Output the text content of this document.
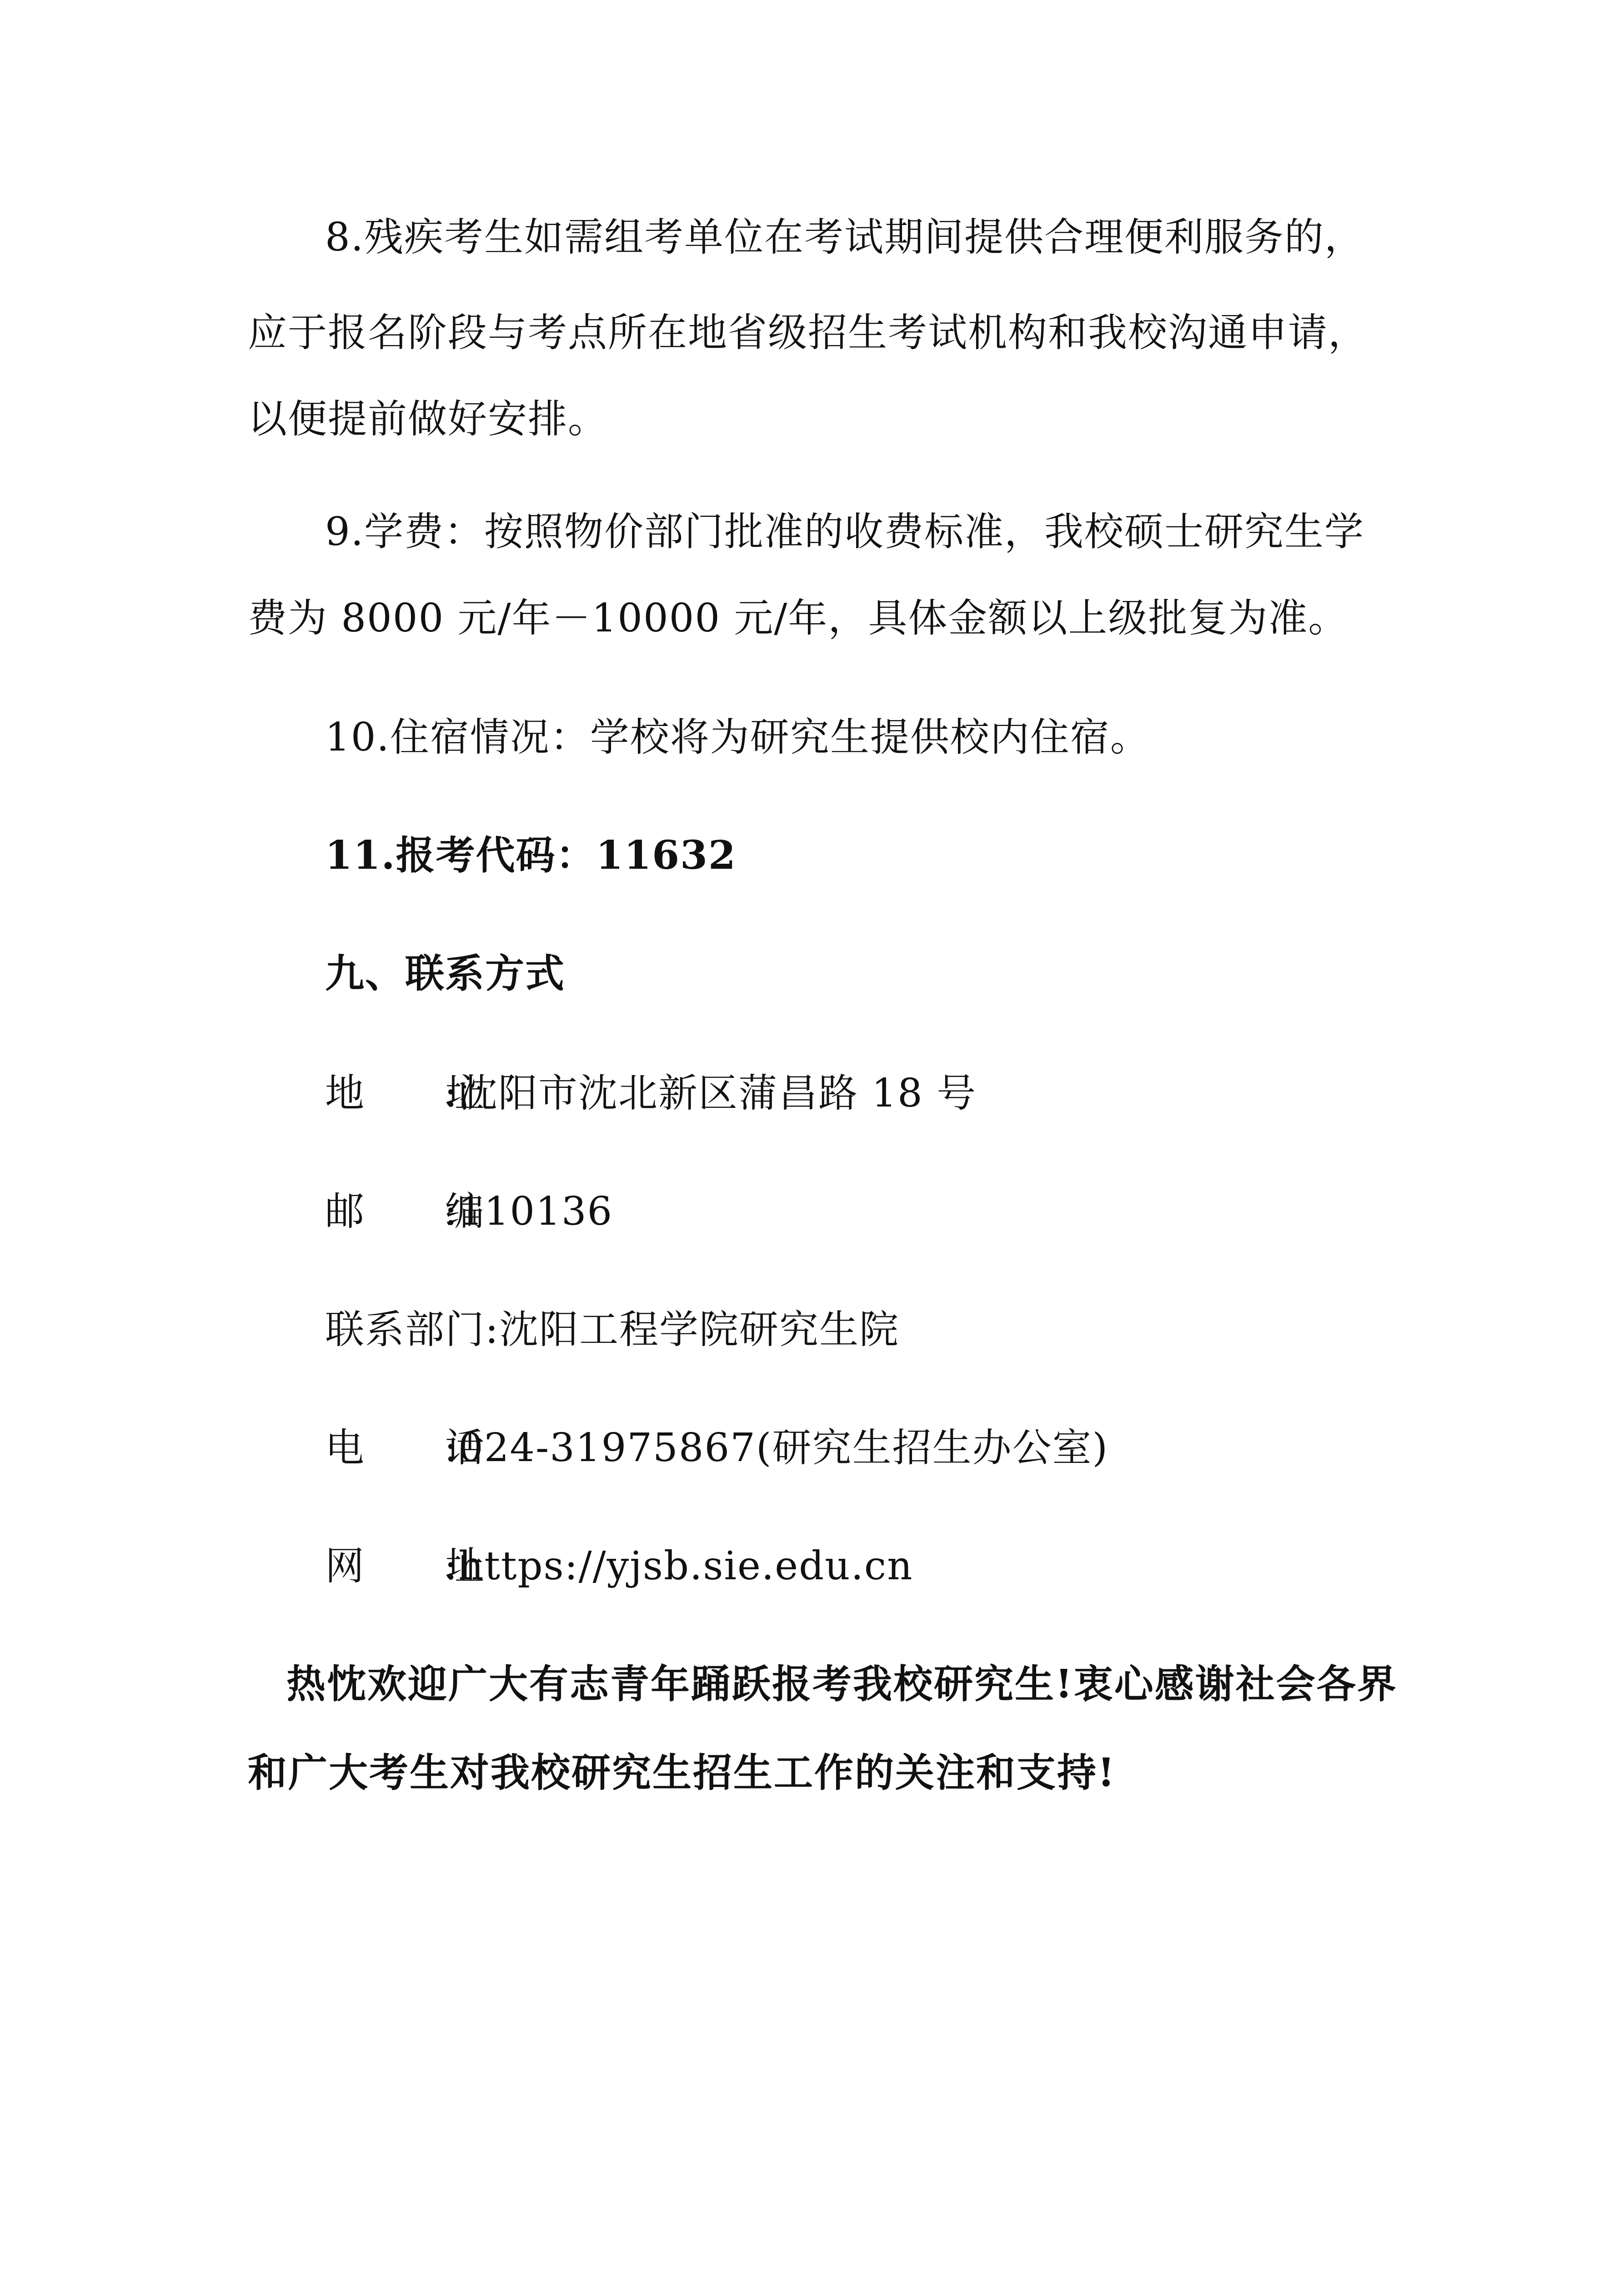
8.残疾考生如需组考单位在考试期间提供合理便利服务的，
应于报名阶段与考点所在地省级招生考试机构和我校沟通申请，
以便提前做好安排。
9.学费：按照物价部门批准的收费标准，我校硕士研究生学
费为 8000 元/年－10000 元/年，具体金额以上级批复为准。
10.住宿情况：学校将为研究生提供校内住宿。
11.报考代码：11632
九、联系方式
地　　址:沈阳市沈北新区蒲昌路 18 号
邮　　编:110136
联系部门:沈阳工程学院研究生院
电　　话:024-31975867(研究生招生办公室)
网　　址:https://yjsb.sie.edu.cn
热忱欢迎广大有志青年踊跃报考我校研究生!衷心感谢社会各界
和广大考生对我校研究生招生工作的关注和支持!
